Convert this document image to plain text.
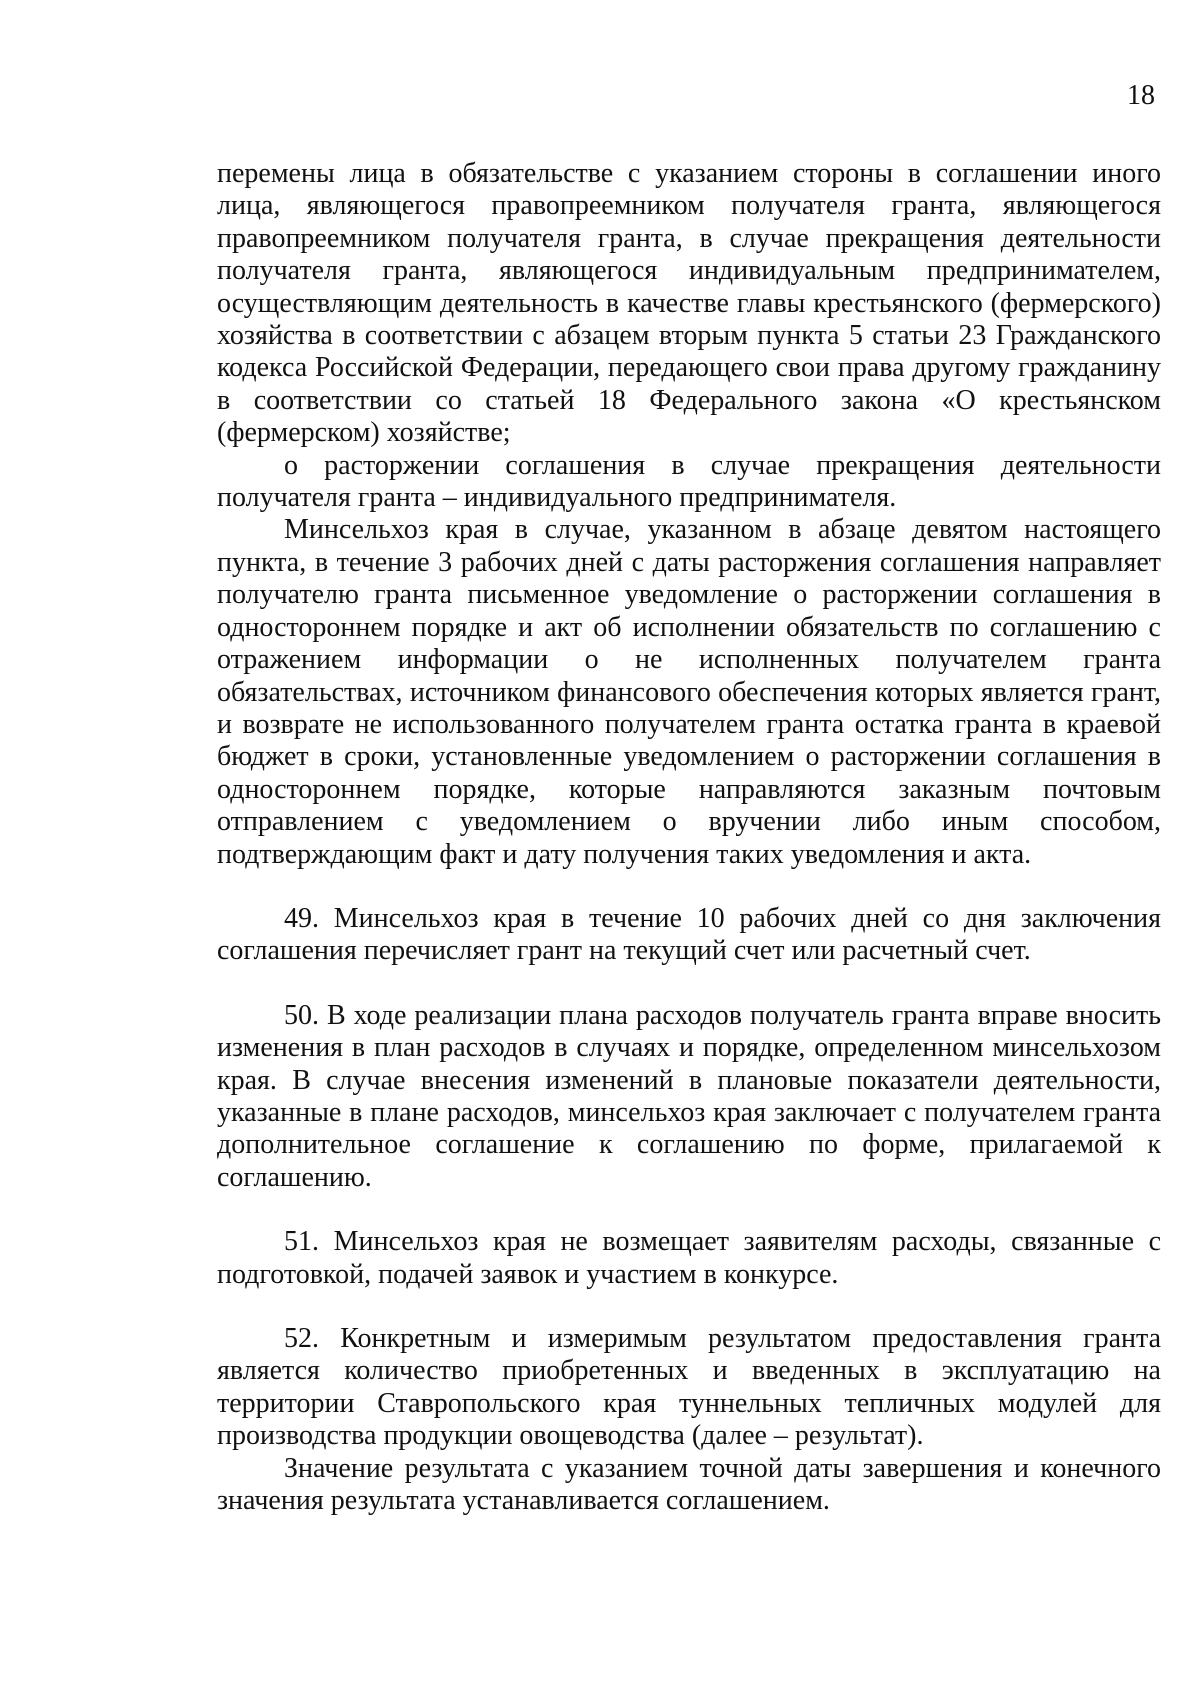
18

перемены лица в обязательстве с указанием стороны в соглашении иного лица, являющегося правопреемником получателя гранта, являющегося правопреемником получателя гранта, в случае прекращения деятельности получателя гранта, являющегося индивидуальным предпринимателем, осуществляющим деятельность в качестве главы крестьянского (фермерского) хозяйства в соответствии с абзацем вторым пункта 5 статьи 23 Гражданского кодекса Российской Федерации, передающего свои права другому гражданину в соответствии со статьей 18 Федерального закона «О крестьянском (фермерском) хозяйстве;

о расторжении соглашения в случае прекращения деятельности получателя гранта – индивидуального предпринимателя.

Минсельхоз края в случае, указанном в абзаце девятом настоящего пункта, в течение 3 рабочих дней с даты расторжения соглашения направляет получателю гранта письменное уведомление о расторжении соглашения в одностороннем порядке и акт об исполнении обязательств по соглашению с отражением информации о не исполненных получателем гранта обязательствах, источником финансового обеспечения которых является грант, и возврате не использованного получателем гранта остатка гранта в краевой бюджет в сроки, установленные уведомлением о расторжении соглашения в одностороннем порядке, которые направляются заказным почтовым отправлением с уведомлением о вручении либо иным способом, подтверждающим факт и дату получения таких уведомления и акта.

49. Минсельхоз края в течение 10 рабочих дней со дня заключения соглашения перечисляет грант на текущий счет или расчетный счет.

50. В ходе реализации плана расходов получатель гранта вправе вносить изменения в план расходов в случаях и порядке, определенном минсельхозом края. В случае внесения изменений в плановые показатели деятельности, указанные в плане расходов, минсельхоз края заключает с получателем гранта дополнительное соглашение к соглашению по форме, прилагаемой к соглашению.

51. Минсельхоз края не возмещает заявителям расходы, связанные с подготовкой, подачей заявок и участием в конкурсе.

52. Конкретным и измеримым результатом предоставления гранта является количество приобретенных и введенных в эксплуатацию на территории Ставропольского края туннельных тепличных модулей для производства продукции овощеводства (далее – результат).

Значение результата с указанием точной даты завершения и конечного значения результата устанавливается соглашением.
